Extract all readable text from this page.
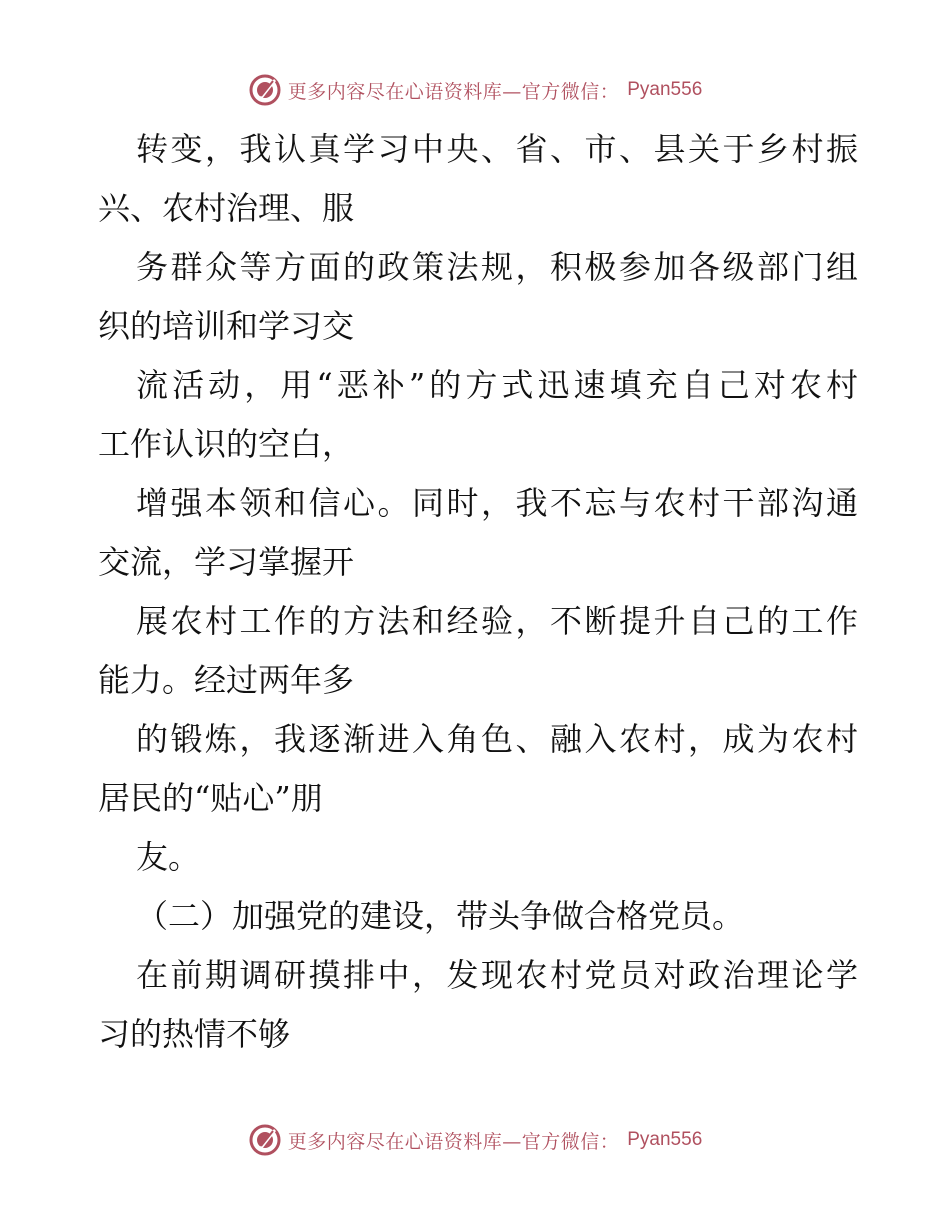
更多内容尽在心语资料库—官方微信： Pyan556

转变，我认真学习中央、省、市、县关于乡村振

兴、农村治理、服

务群众等方面的政策法规，积极参加各级部门组

织的培训和学习交

流活动，用“恶补”的方式迅速填充自己对农村

工作认识的空白，

增强本领和信心。同时，我不忘与农村干部沟通

交流，学习掌握开

展农村工作的方法和经验，不断提升自己的工作

能力。经过两年多

的锻炼，我逐渐进入角色、融入农村，成为农村

居民的“贴心”朋

友。

（二）加强党的建设，带头争做合格党员。

在前期调研摸排中，发现农村党员对政治理论学

习的热情不够

更多内容尽在心语资料库—官方微信： Pyan556
